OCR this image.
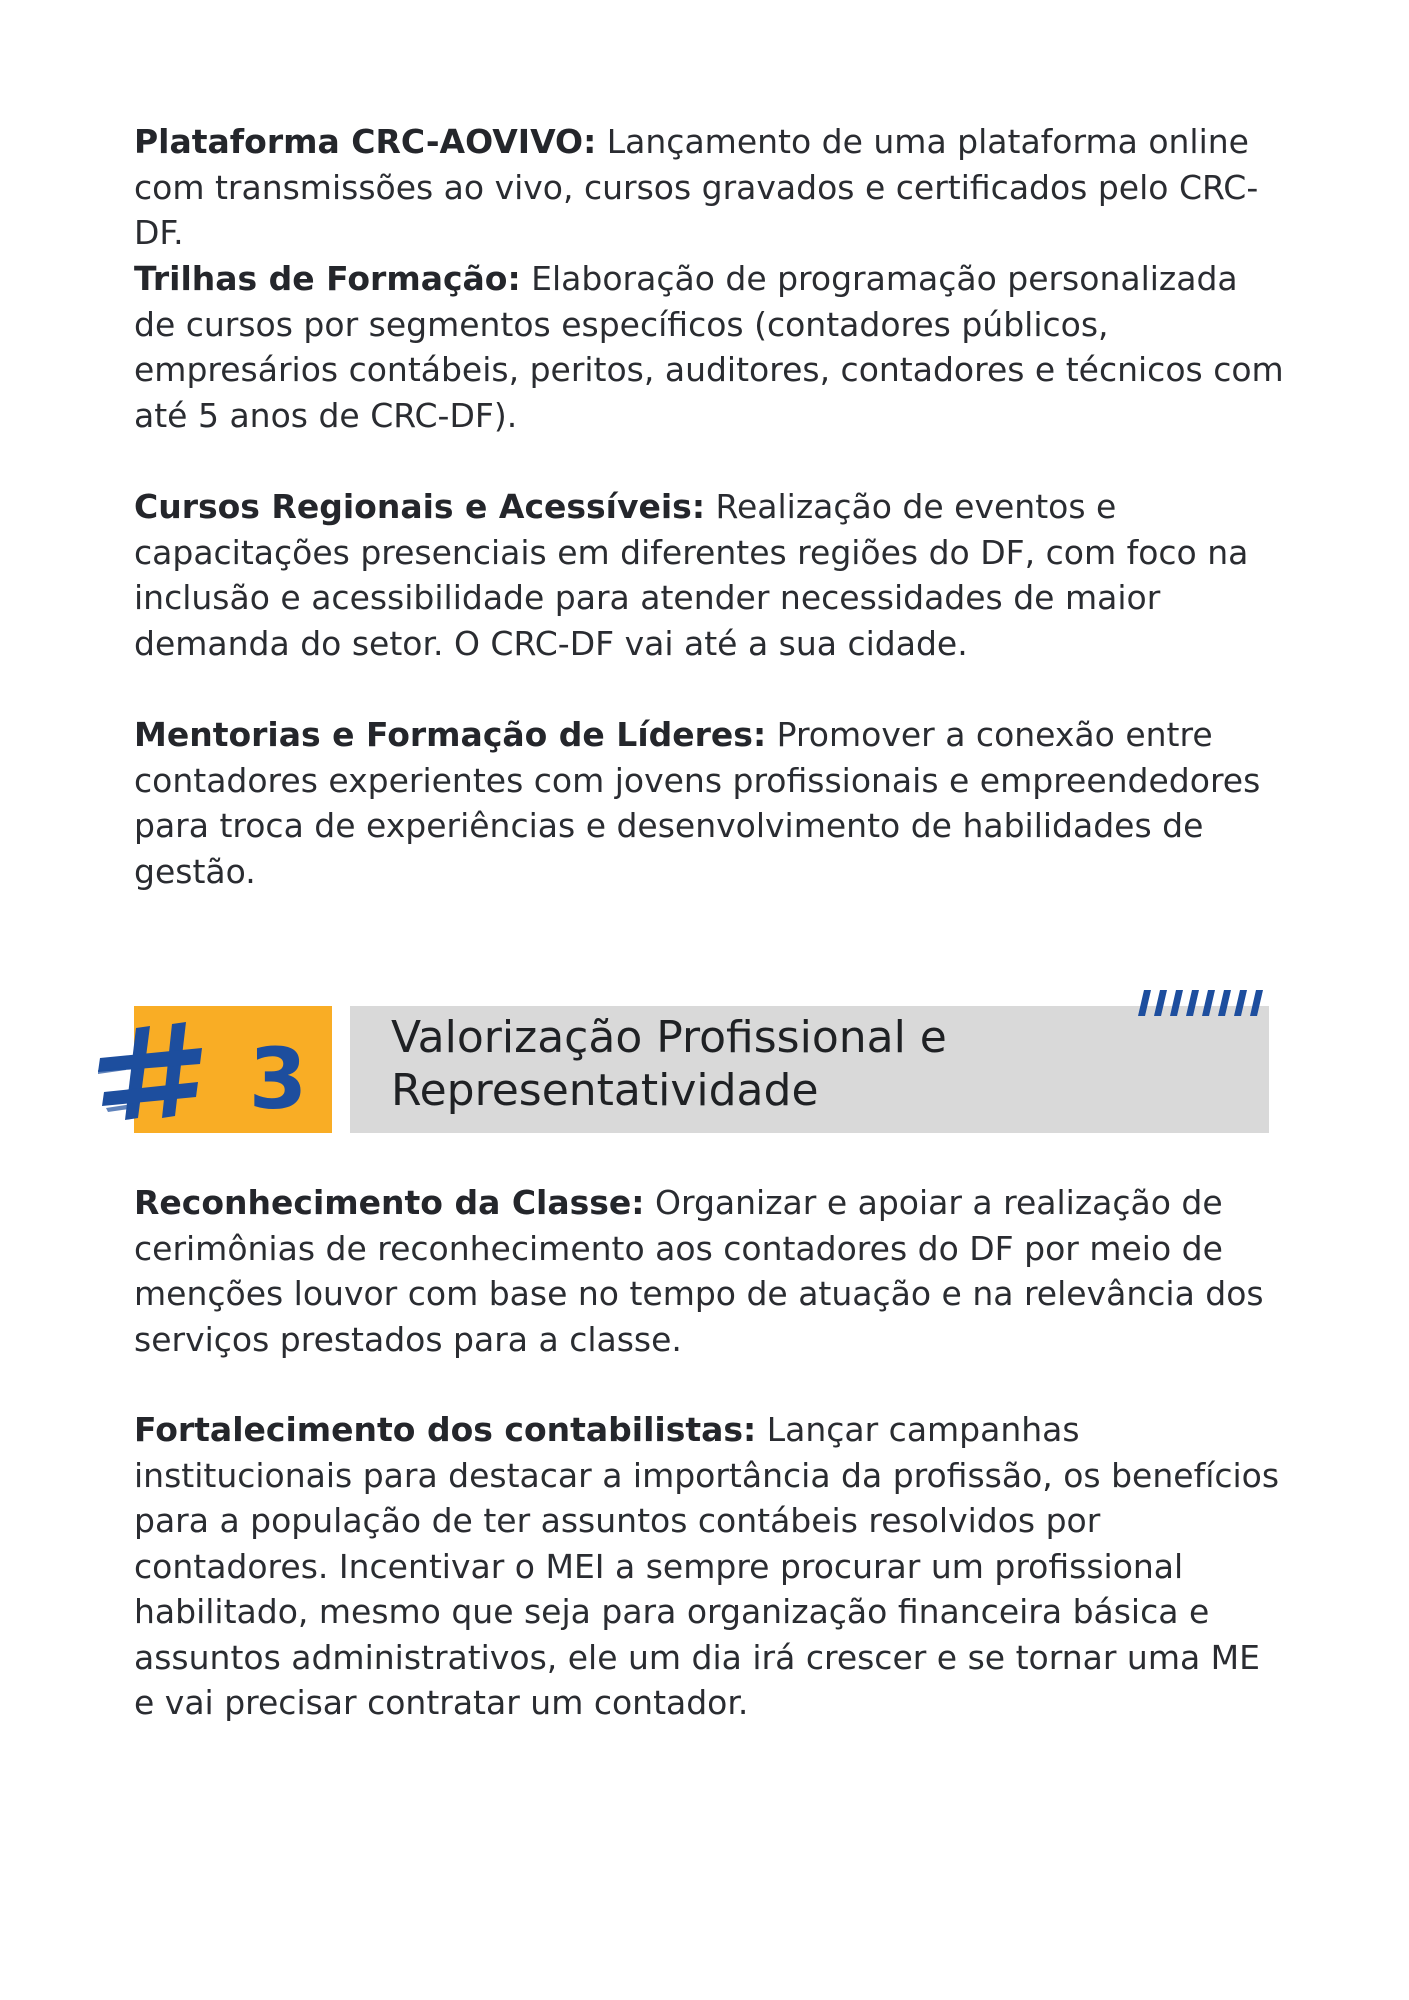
Plataforma CRC-AOVIVO: Lançamento de uma plataforma online com transmissões ao vivo, cursos gravados e certificados pelo CRC-DF.

Trilhas de Formação: Elaboração de programação personalizada de cursos por segmentos específicos (contadores públicos, empresários contábeis, peritos, auditores, contadores e técnicos com até 5 anos de CRC-DF).

Cursos Regionais e Acessíveis: Realização de eventos e capacitações presenciais em diferentes regiões do DF, com foco na inclusão e acessibilidade para atender necessidades de maior demanda do setor. O CRC-DF vai até a sua cidade.

Mentorias e Formação de Líderes: Promover a conexão entre contadores experientes com jovens profissionais e empreendedores para troca de experiências e desenvolvimento de habilidades de gestão.

3 Valorização Profissional e
Representatividade

Reconhecimento da Classe: Organizar e apoiar a realização de cerimônias de reconhecimento aos contadores do DF por meio de menções louvor com base no tempo de atuação e na relevância dos serviços prestados para a classe.

Fortalecimento dos contabilistas: Lançar campanhas institucionais para destacar a importância da profissão, os benefícios para a população de ter assuntos contábeis resolvidos por contadores. Incentivar o MEI a sempre procurar um profissional habilitado, mesmo que seja para organização financeira básica e assuntos administrativos, ele um dia irá crescer e se tornar uma ME e vai precisar contratar um contador.
